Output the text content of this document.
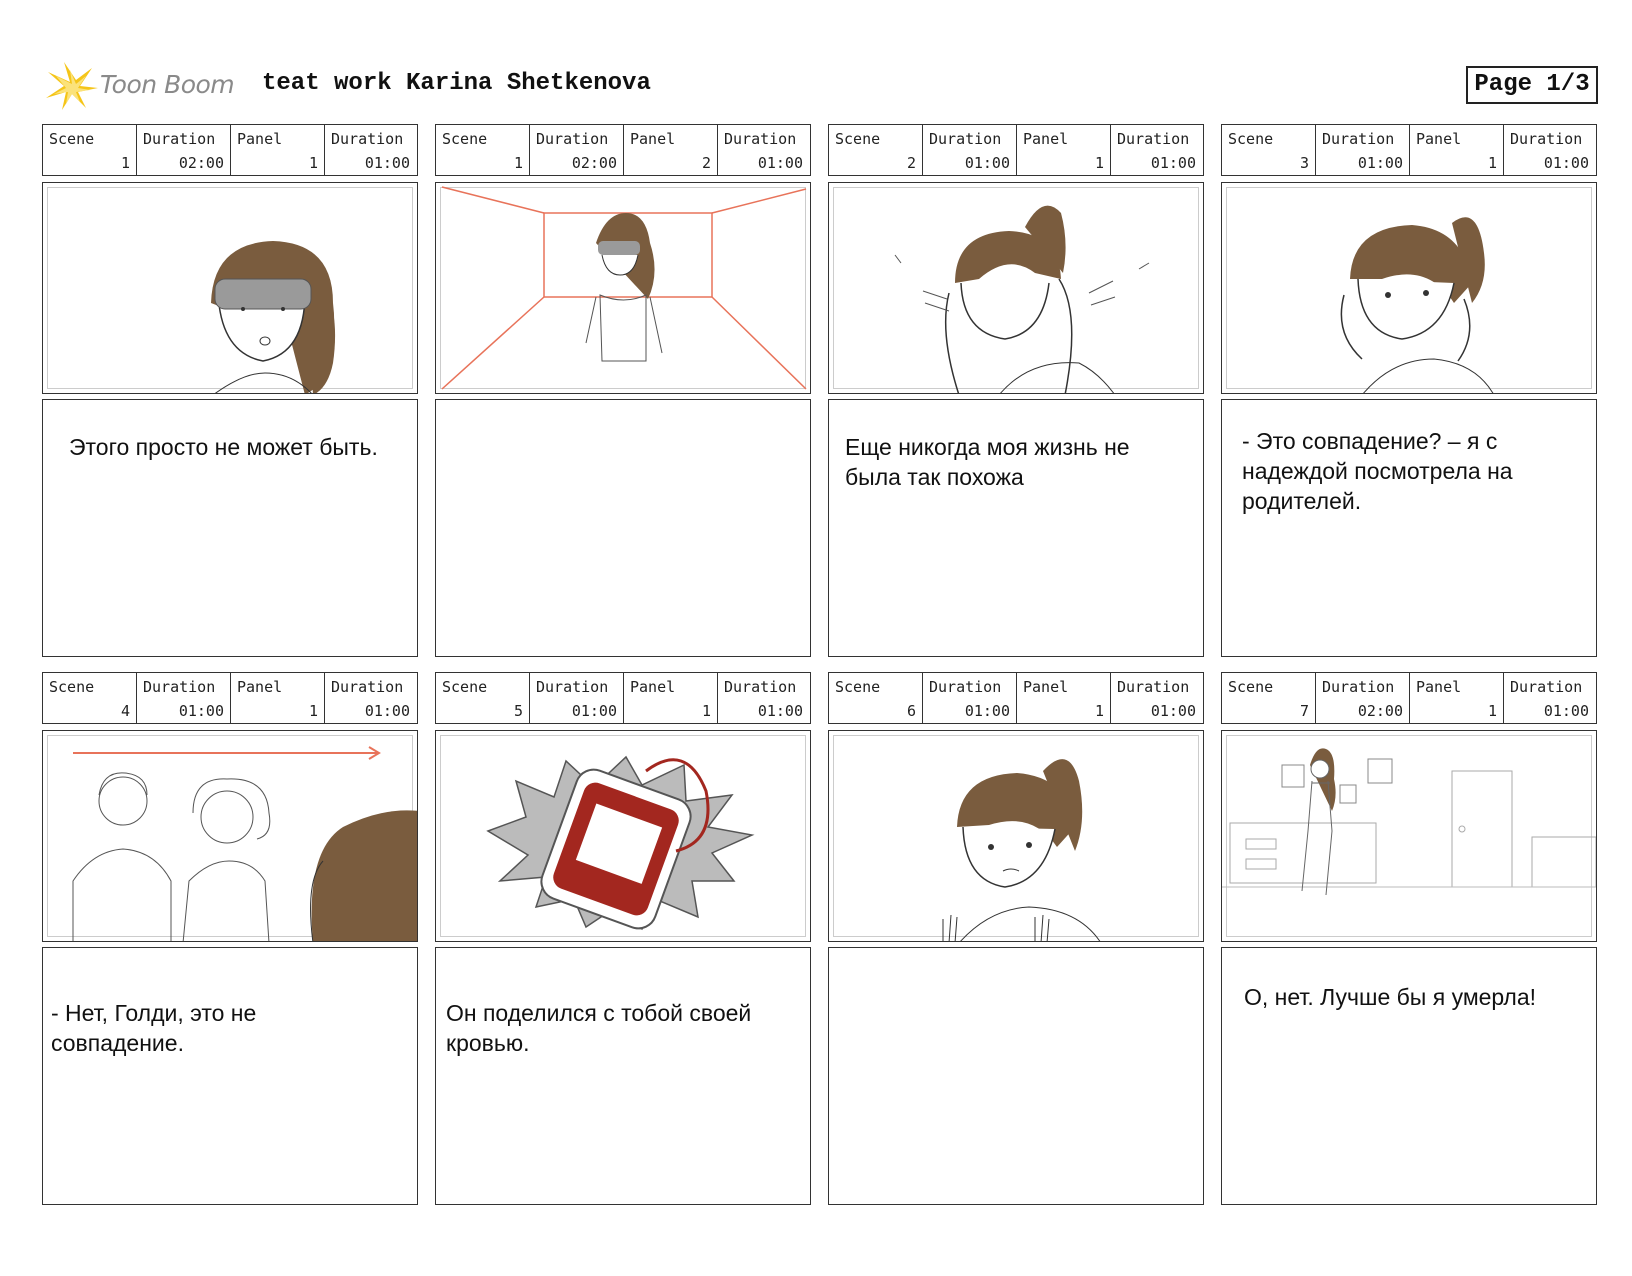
Toon Boom teat work Karina Shetkenova	Page 1/3
Scene
1
Duration
02:00
Panel
1
Duration
01:00
Этого просто не может быть.
Scene
1
Duration
02:00
Panel
2
Duration
01:00
Scene
2
Duration
01:00
Panel
1
Duration
01:00
Еще никогда моя жизнь не была так похожа
Scene
3
Duration
01:00
Panel
1
Duration
01:00
- Это совпадение? – я с надеждой посмотрела на родителей.
Scene
4
Duration
01:00
Panel
1
Duration
01:00
- Нет, Голди, это не совпадение.
Scene
5
Duration
01:00
Panel
1
Duration
01:00
Он поделился с тобой своей кровью.
Scene
6
Duration
01:00
Panel
1
Duration
01:00
Scene
7
Duration
02:00
Panel
1
Duration
01:00
О, нет. Лучше бы я умерла!
